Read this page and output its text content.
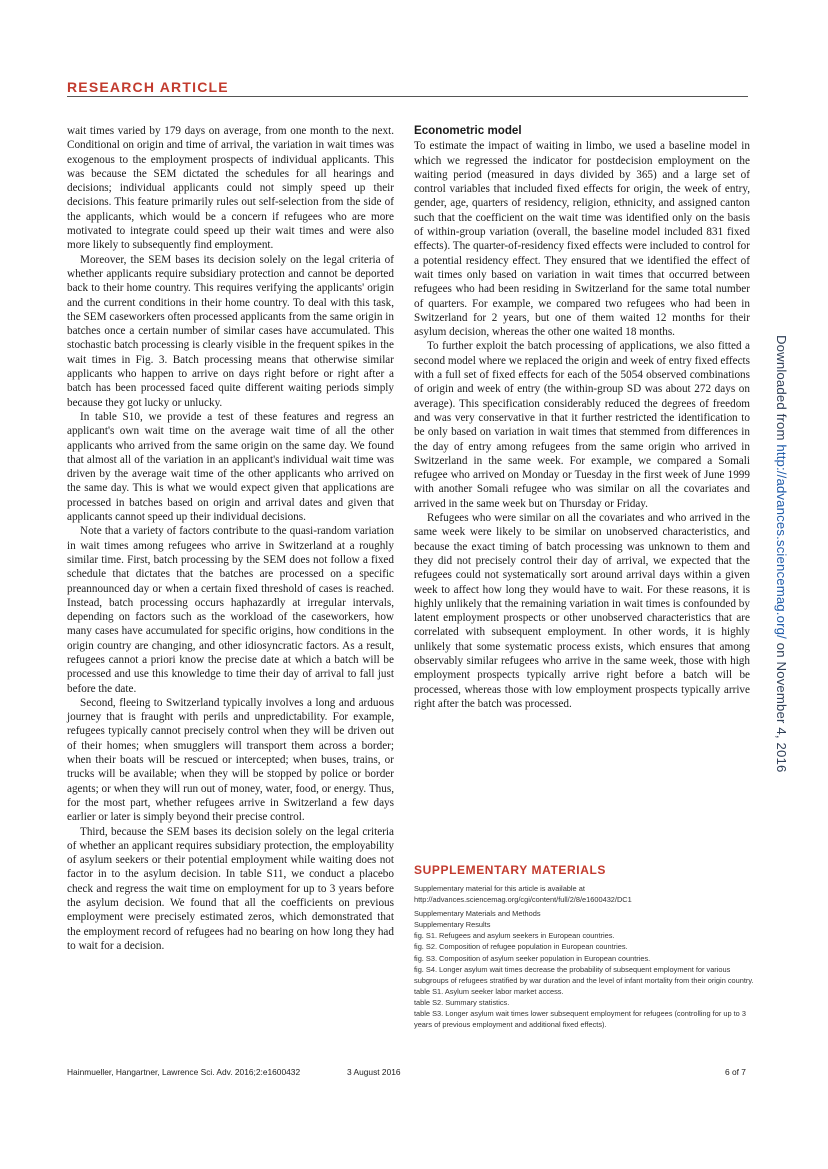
RESEARCH ARTICLE

wait times varied by 179 days on average, from one month to the next. Conditional on origin and time of arrival, the variation in wait times was exogenous to the employment prospects of individual applicants. This was because the SEM dictated the schedules for all hearings and decisions; individual applicants could not simply speed up their decisions. This feature primarily rules out self-selection from the side of the applicants, which would be a concern if refugees who are more motivated to integrate could speed up their wait times and were also more likely to subsequently find employment.

Moreover, the SEM bases its decision solely on the legal criteria of whether applicants require subsidiary protection and cannot be deported back to their home country. This requires verifying the applicants' origin and the current conditions in their home country. To deal with this task, the SEM caseworkers often processed applicants from the same origin in batches once a certain number of similar cases have accumulated. This stochastic batch processing is clearly visible in the frequent spikes in the wait times in Fig. 3. Batch processing means that otherwise similar applicants who happen to arrive on days right before or right after a batch has been processed faced quite different waiting periods simply because they got lucky or unlucky.

In table S10, we provide a test of these features and regress an applicant's own wait time on the average wait time of all the other applicants who arrived from the same origin on the same day. We found that almost all of the variation in an applicant's individual wait time was driven by the average wait time of the other applicants who arrived on the same day. This is what we would expect given that applications are processed in batches based on origin and arrival dates and given that applicants cannot speed up their individual decisions.

Note that a variety of factors contribute to the quasi-random variation in wait times among refugees who arrive in Switzerland at a roughly similar time. First, batch processing by the SEM does not follow a fixed schedule that dictates that the batches are processed on a specific preannounced day or when a certain fixed threshold of cases is reached. Instead, batch processing occurs haphazardly at irregular intervals, depending on factors such as the workload of the caseworkers, how many cases have accumulated for specific origins, how conditions in the origin country are changing, and other idiosyncratic factors. As a result, refugees cannot a priori know the precise date at which a batch will be processed and use this knowledge to time their day of arrival to fall just before the date.

Second, fleeing to Switzerland typically involves a long and arduous journey that is fraught with perils and unpredictability. For example, refugees typically cannot precisely control when they will be driven out of their homes; when smugglers will transport them across a border; when their boats will be rescued or intercepted; when buses, trains, or trucks will be available; when they will be stopped by police or border agents; or when they will run out of money, water, food, or energy. Thus, for the most part, whether refugees arrive in Switzerland a few days earlier or later is simply beyond their precise control.

Third, because the SEM bases its decision solely on the legal criteria of whether an applicant requires subsidiary protection, the employability of asylum seekers or their potential employment while waiting does not factor in to the asylum decision. In table S11, we conduct a placebo check and regress the wait time on employment for up to 3 years before the asylum decision. We found that all the coefficients on previous employment were precisely estimated zeros, which demonstrated that the employment record of refugees had no bearing on how long they had to wait for a decision.

Econometric model

To estimate the impact of waiting in limbo, we used a baseline model in which we regressed the indicator for postdecision employment on the waiting period (measured in days divided by 365) and a large set of control variables that included fixed effects for origin, the week of entry, gender, age, quarters of residency, religion, ethnicity, and assigned canton such that the coefficient on the wait time was identified only on the basis of within-group variation (overall, the baseline model included 831 fixed effects). The quarter-of-residency fixed effects were included to control for a potential residency effect. They ensured that we identified the effect of wait times only based on variation in wait times that occurred between refugees who had been residing in Switzerland for the same total number of quarters. For example, we compared two refugees who had been in Switzerland for 2 years, but one of them waited 12 months for their asylum decision, whereas the other one waited 18 months.

To further exploit the batch processing of applications, we also fitted a second model where we replaced the origin and week of entry fixed effects with a full set of fixed effects for each of the 5054 observed combinations of origin and week of entry (the within-group SD was about 272 days on average). This specification considerably reduced the degrees of freedom and was very conservative in that it further restricted the identification to be only based on variation in wait times that stemmed from differences in the day of entry among refugees from the same origin who arrived in Switzerland in the same week. For example, we compared a Somali refugee who arrived on Monday or Tuesday in the first week of June 1999 with another Somali refugee who was similar on all the covariates and arrived in the same week but on Thursday or Friday.

Refugees who were similar on all the covariates and who arrived in the same week were likely to be similar on unobserved characteristics, and because the exact timing of batch processing was unknown to them and they did not precisely control their day of arrival, we expected that the refugees could not systematically sort around arrival days within a given week to affect how long they would have to wait. For these reasons, it is highly unlikely that the remaining variation in wait times is confounded by latent employment prospects or other unobserved characteristics that are correlated with subsequent employment. In other words, it is highly unlikely that some systematic process exists, which ensures that among observably similar refugees who arrive in the same week, those with high employment prospects typically arrive right before a batch will be processed, whereas those with low employment prospects typically arrive right after the batch was processed.

SUPPLEMENTARY MATERIALS

Supplementary material for this article is available at http://advances.sciencemag.org/cgi/content/full/2/8/e1600432/DC1

Supplementary Materials and Methods
Supplementary Results
fig. S1. Refugees and asylum seekers in European countries.
fig. S2. Composition of refugee population in European countries.
fig. S3. Composition of asylum seeker population in European countries.
fig. S4. Longer asylum wait times decrease the probability of subsequent employment for various subgroups of refugees stratified by war duration and the level of infant mortality from their origin country.
table S1. Asylum seeker labor market access.
table S2. Summary statistics.
table S3. Longer asylum wait times lower subsequent employment for refugees (controlling for up to 3 years of previous employment and additional fixed effects).
Hainmueller, Hangartner, Lawrence Sci. Adv. 2016;2:e1600432	3 August 2016	6 of 7
Downloaded from http://advances.sciencemag.org/ on November 4, 2016
